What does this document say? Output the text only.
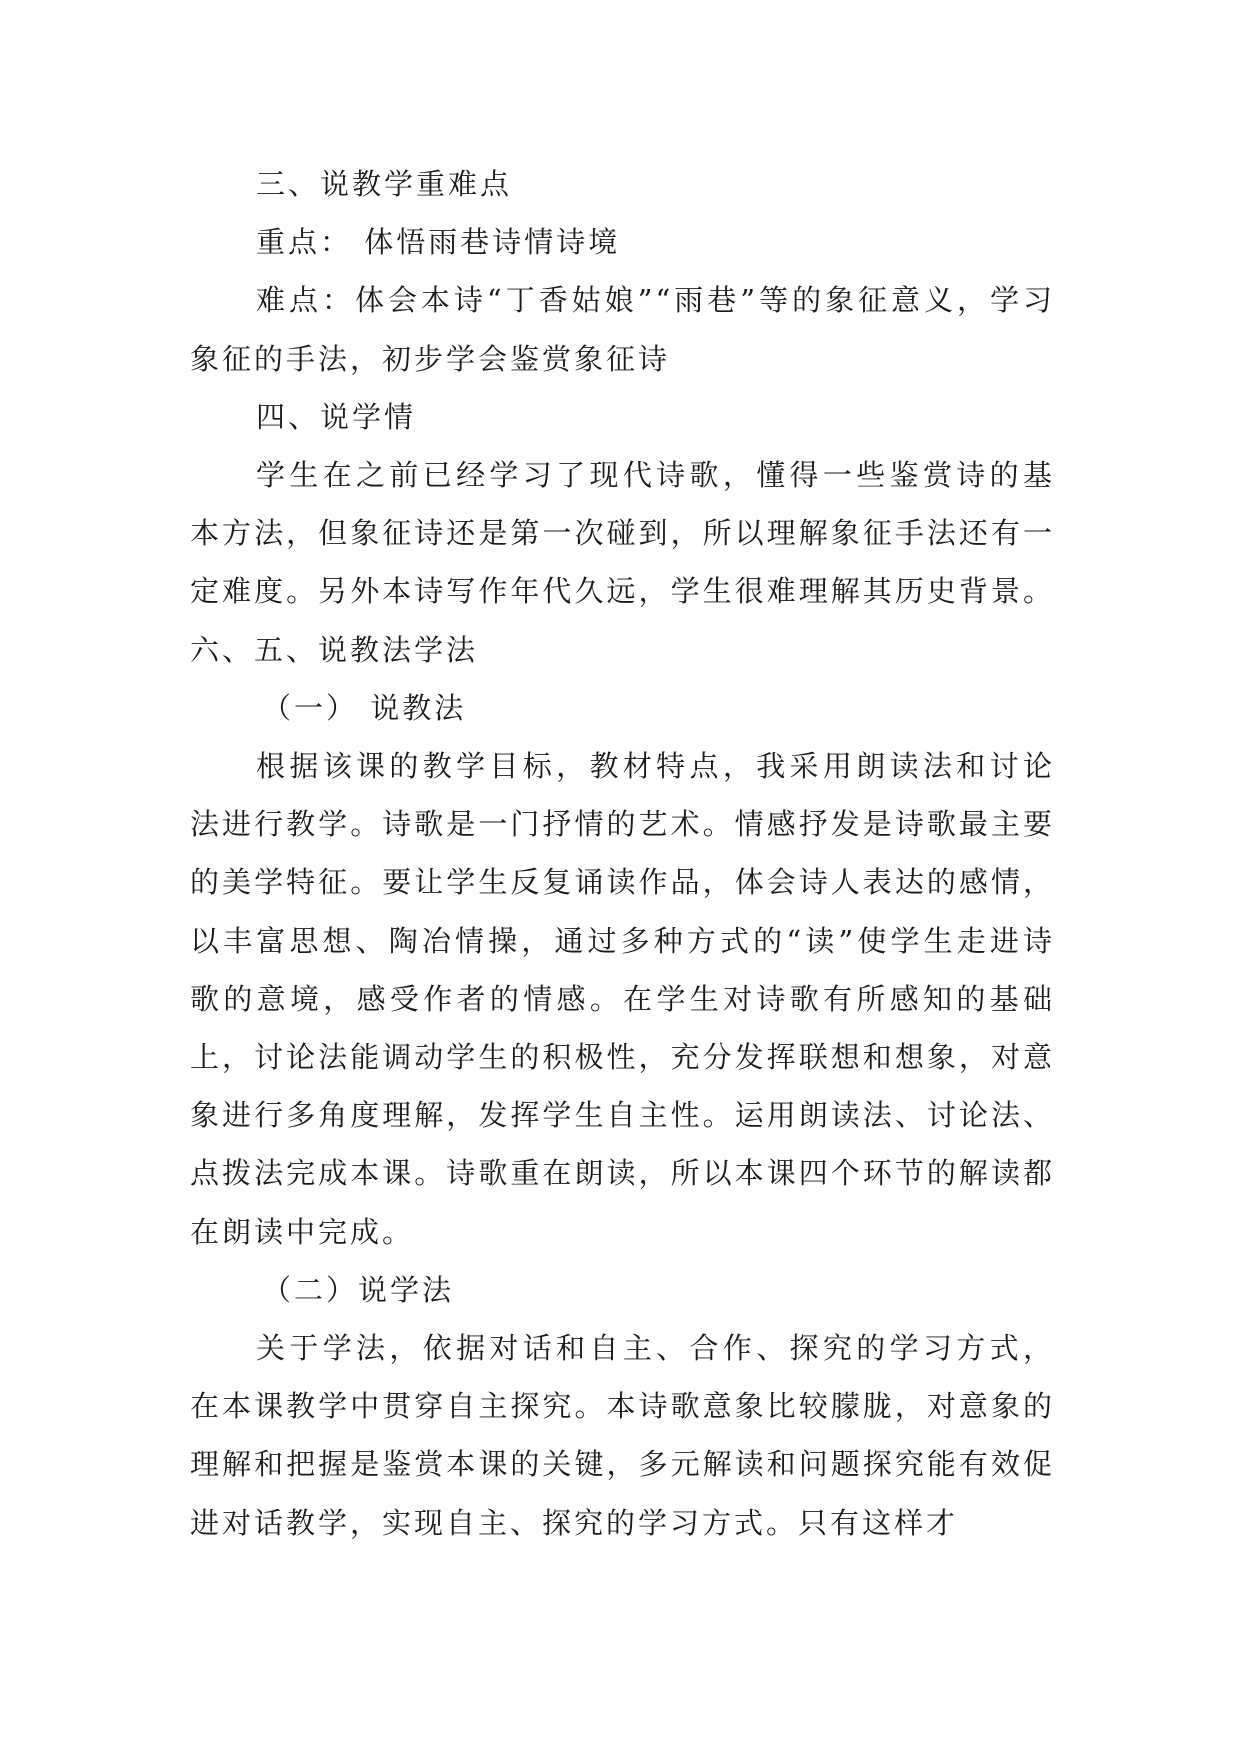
三、说教学重难点

重点： 体悟雨巷诗情诗境

难点：体会本诗“丁香姑娘”“雨巷”等的象征意义，学习象征的手法，初步学会鉴赏象征诗

四、说学情

学生在之前已经学习了现代诗歌，懂得一些鉴赏诗的基本方法，但象征诗还是第一次碰到，所以理解象征手法还有一定难度。另外本诗写作年代久远，学生很难理解其历史背景。六、五、说教法学法

（一） 说教法

根据该课的教学目标，教材特点，我采用朗读法和讨论法进行教学。诗歌是一门抒情的艺术。情感抒发是诗歌最主要的美学特征。要让学生反复诵读作品，体会诗人表达的感情，以丰富思想、陶冶情操，通过多种方式的“读”使学生走进诗歌的意境，感受作者的情感。在学生对诗歌有所感知的基础上，讨论法能调动学生的积极性，充分发挥联想和想象，对意象进行多角度理解，发挥学生自主性。运用朗读法、讨论法、点拨法完成本课。诗歌重在朗读，所以本课四个环节的解读都在朗读中完成。

（二）说学法

关于学法，依据对话和自主、合作、探究的学习方式，在本课教学中贯穿自主探究。本诗歌意象比较朦胧，对意象的理解和把握是鉴赏本课的关键，多元解读和问题探究能有效促进对话教学，实现自主、探究的学习方式。只有这样才
